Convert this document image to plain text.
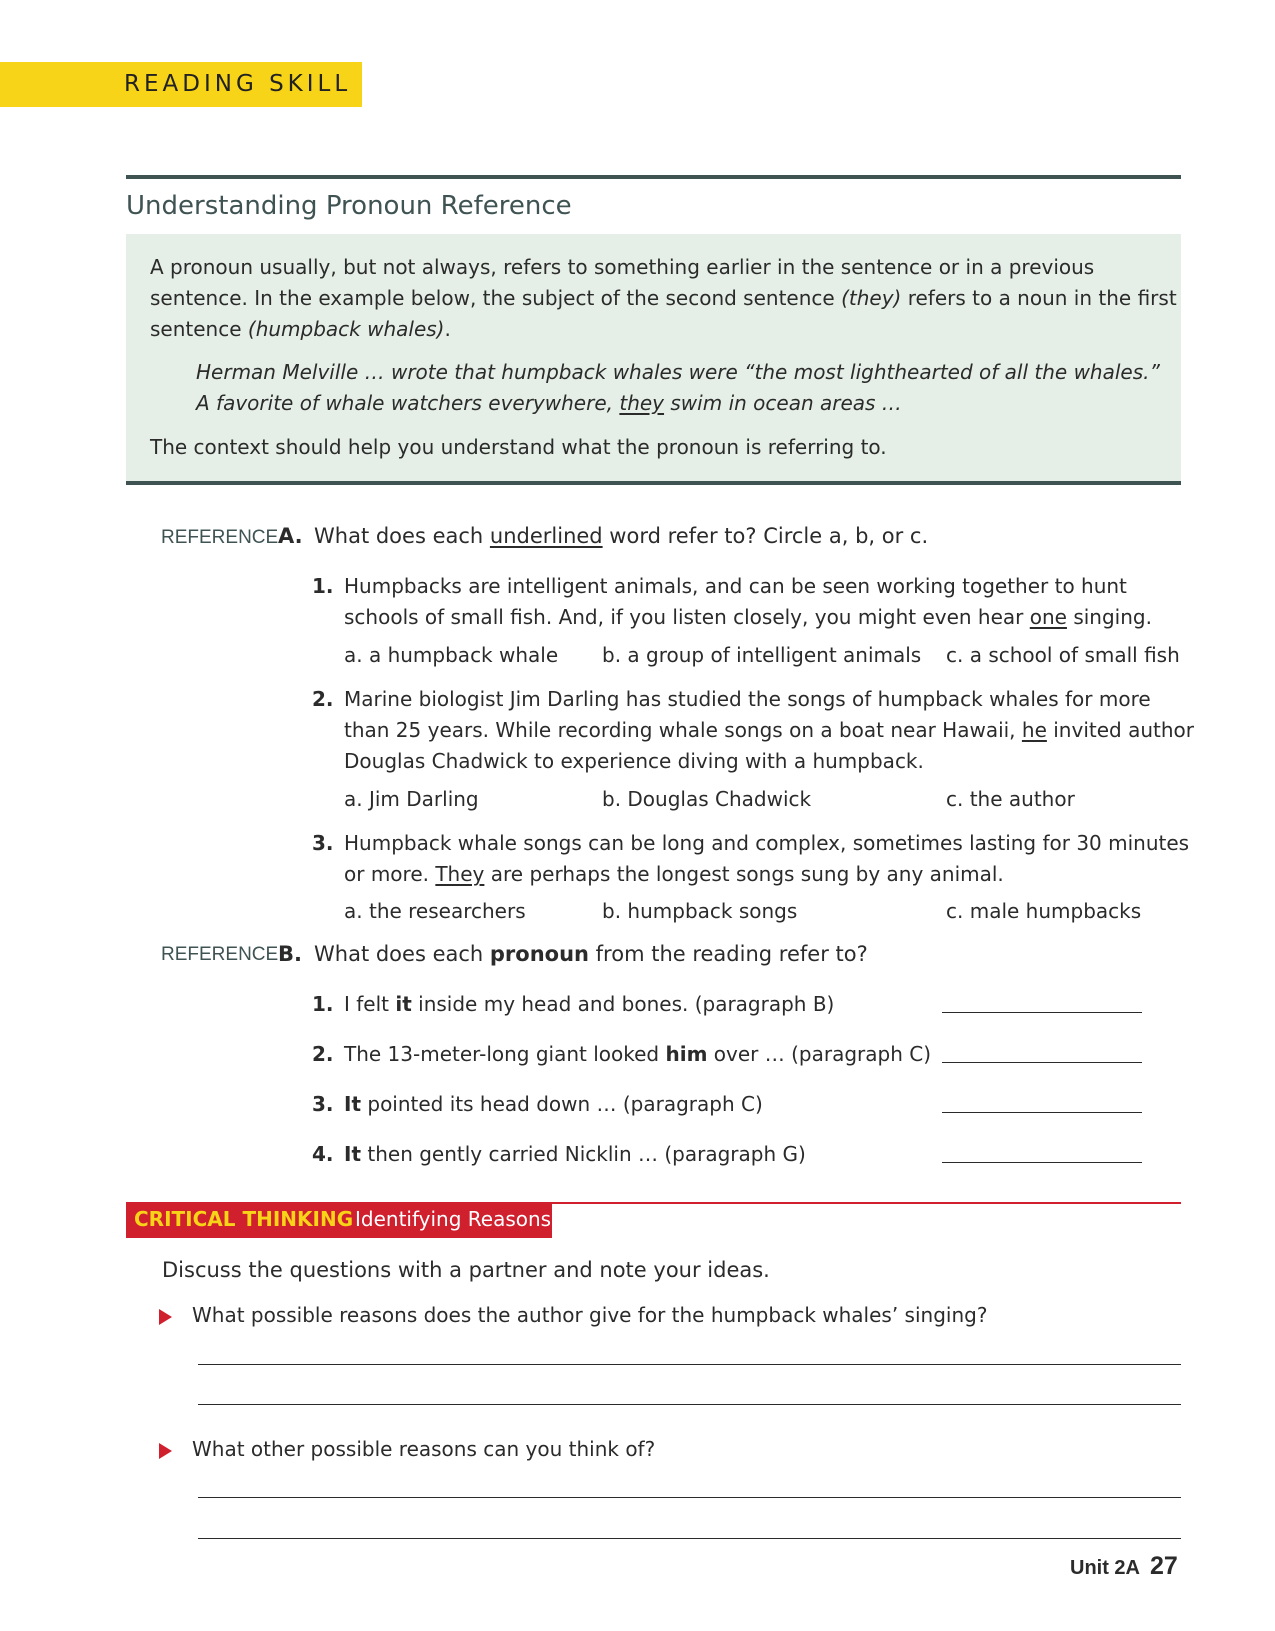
READING SKILL
Understanding Pronoun Reference
A pronoun usually, but not always, refers to something earlier in the sentence or in a previous
sentence. In the example below, the subject of the second sentence (they) refers to a noun in the first
sentence (humpback whales).
Herman Melville … wrote that humpback whales were “the most lighthearted of all the whales.”
A favorite of whale watchers everywhere, they swim in ocean areas …
The context should help you understand what the pronoun is referring to.
REFERENCE A. What does each underlined word refer to? Circle a, b, or c.
1. Humpbacks are intelligent animals, and can be seen working together to hunt
schools of small fish. And, if you listen closely, you might even hear one singing.
a. a humpback whale b. a group of intelligent animals c. a school of small fish
2. Marine biologist Jim Darling has studied the songs of humpback whales for more
than 25 years. While recording whale songs on a boat near Hawaii, he invited author
Douglas Chadwick to experience diving with a humpback.
a. Jim Darling	b. Douglas Chadwick	c. the author
3. Humpback whale songs can be long and complex, sometimes lasting for 30 minutes
or more. They are perhaps the longest songs sung by any animal.
a. the researchers	b. humpback songs	c. male humpbacks
REFERENCE B. What does each pronoun from the reading refer to?
1. I felt it inside my head and bones. (paragraph B)
2. The 13-meter-long giant looked him over … (paragraph C)
3. It pointed its head down … (paragraph C)
4. It then gently carried Nicklin … (paragraph G)
CRITICAL THINKING Identifying Reasons
Discuss the questions with a partner and note your ideas.
What possible reasons does the author give for the humpback whales’ singing?
What other possible reasons can you think of?
Unit 2A 27
